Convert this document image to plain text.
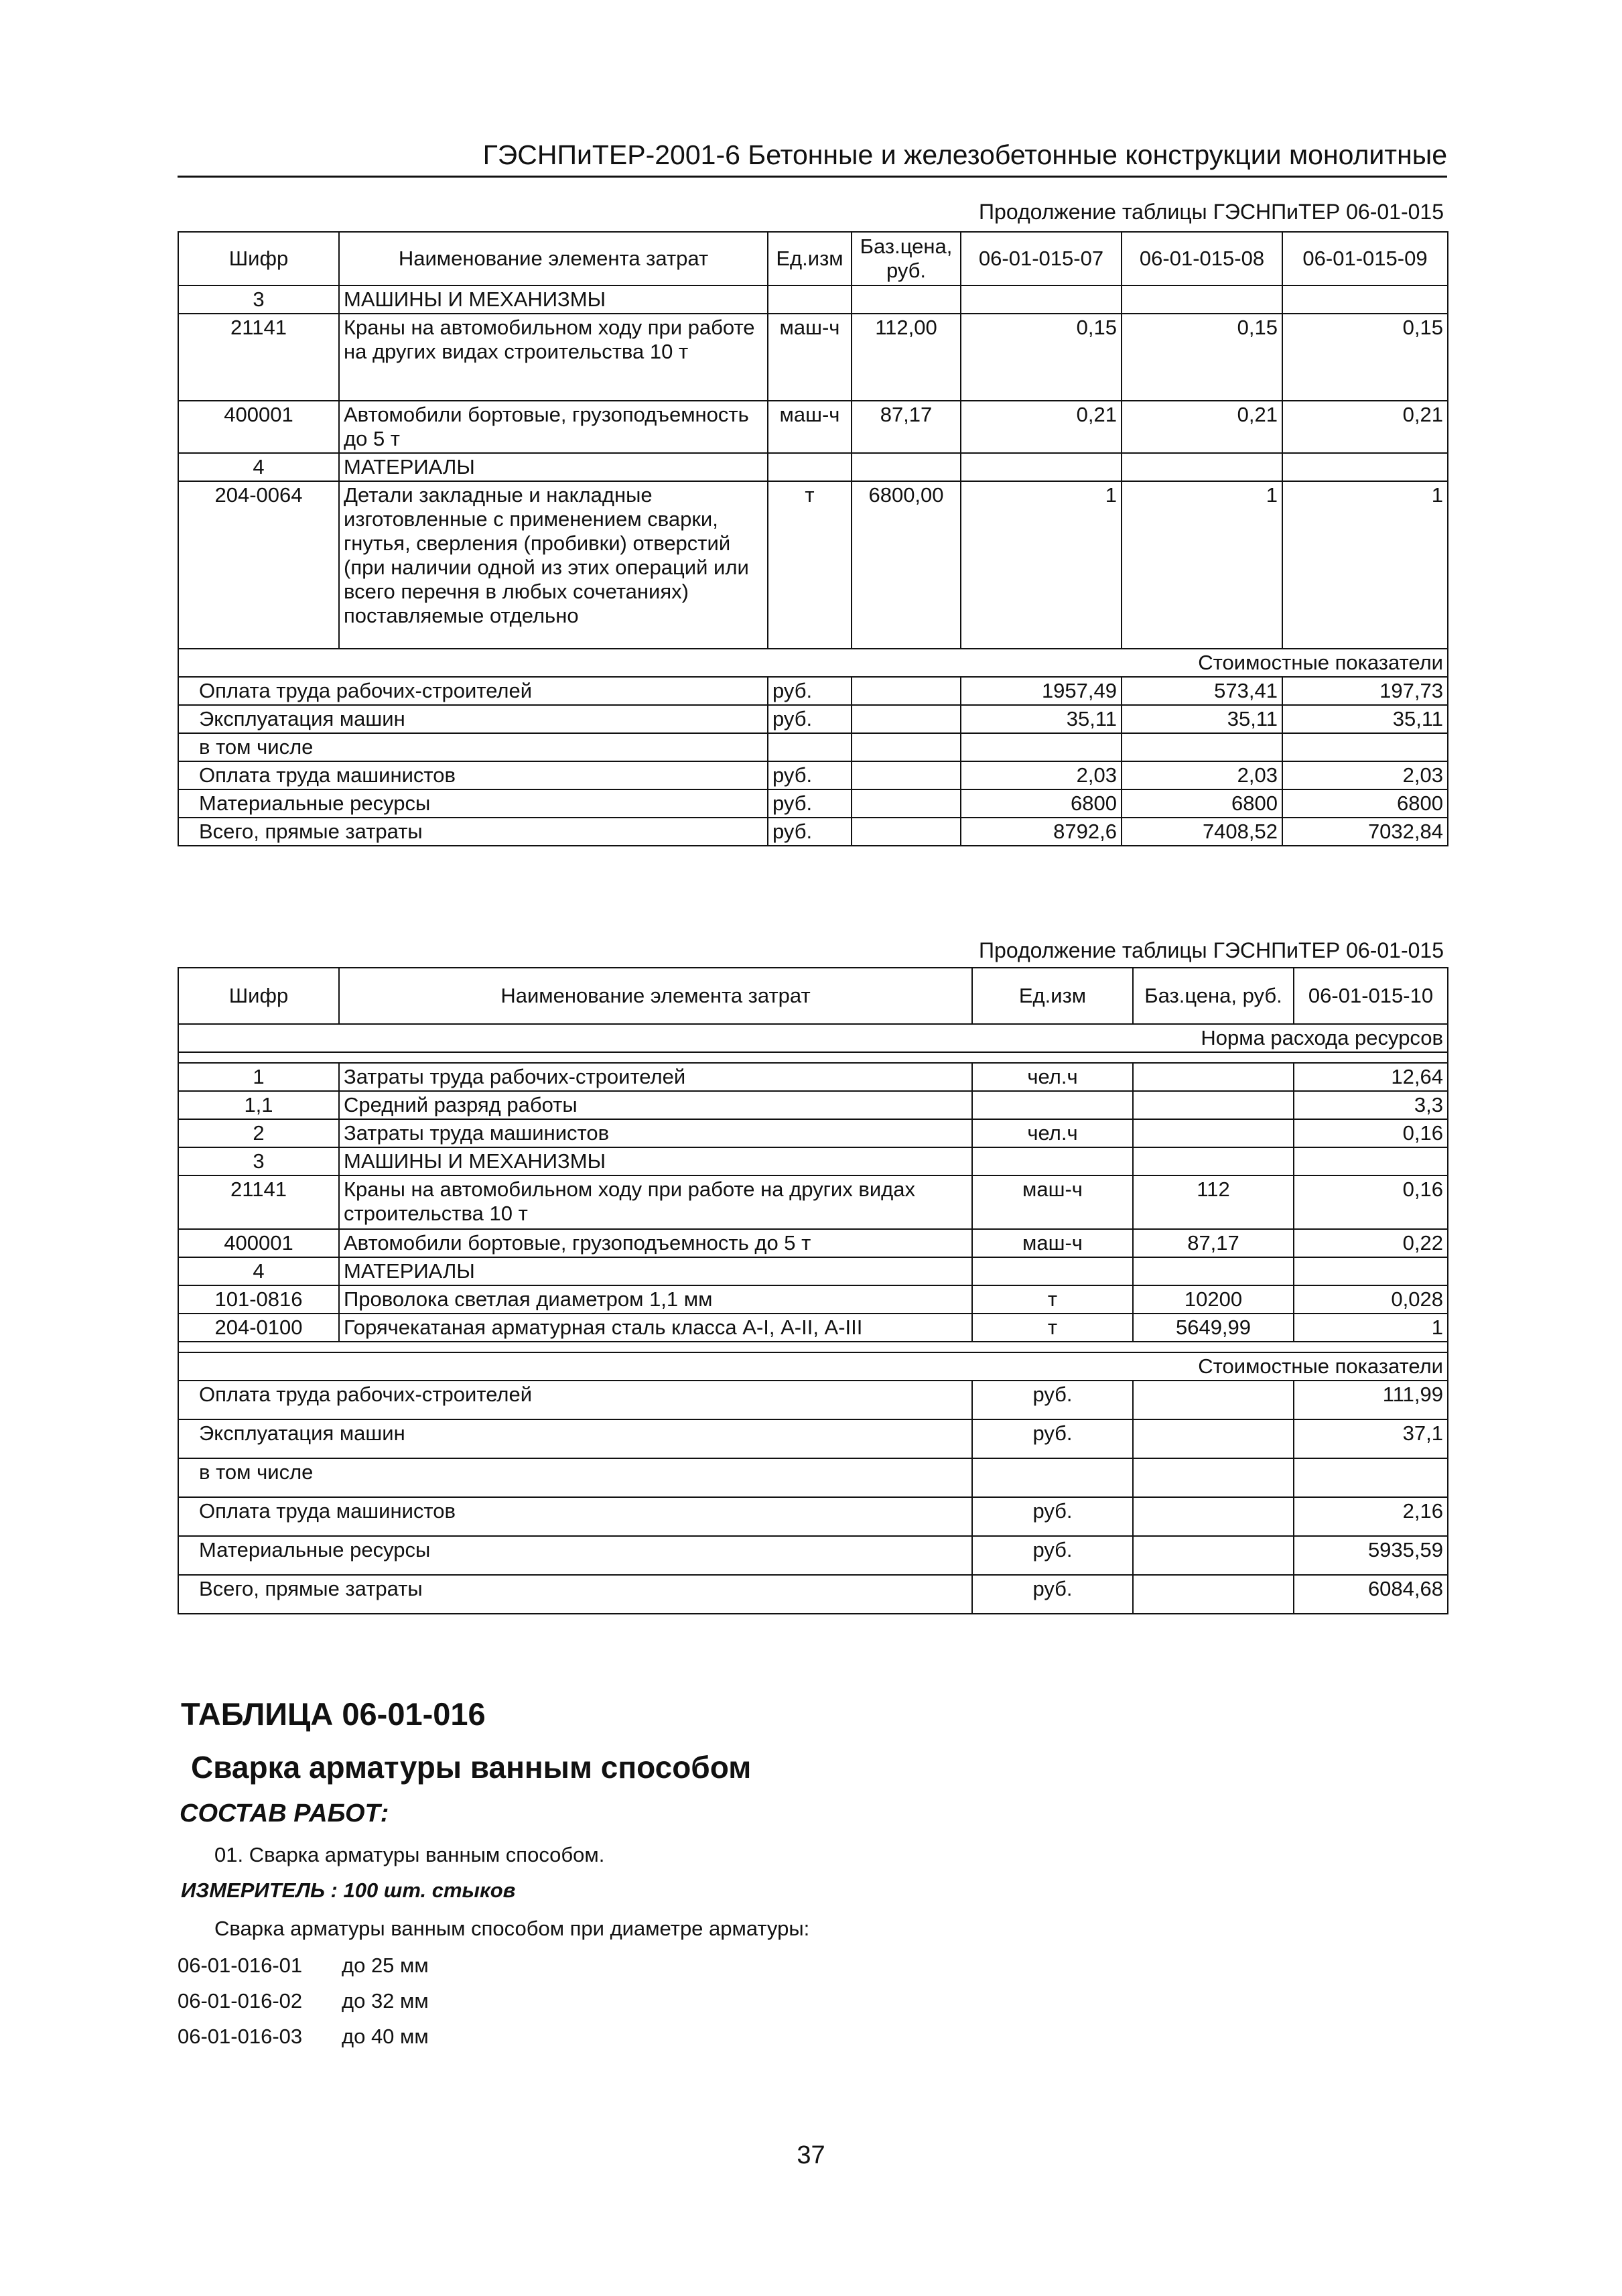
ГЭСНПиТЕР-2001-6 Бетонные и железобетонные конструкции монолитные
Продолжение таблицы ГЭСНПиТЕР 06-01-015
Шифр	Наименование элемента затрат	Ед.изм	Баз.цена, руб.	06-01-015-07	06-01-015-08	06-01-015-09
3	МАШИНЫ И МЕХАНИЗМЫ					
21141	Краны на автомобильном ходу при работе на других видах строительства 10 т	маш-ч	112,00	0,15	0,15	0,15
400001	Автомобили бортовые, грузоподъемность до 5 т	маш-ч	87,17	0,21	0,21	0,21
4	МАТЕРИАЛЫ					
204-0064	Детали закладные и накладные изготовленные с применением сварки, гнутья, сверления (пробивки) отверстий (при наличии одной из этих операций или всего перечня в любых сочетаниях) поставляемые отдельно	т	6800,00	1	1	1
Стоимостные показатели						
Оплата труда рабочих-строителей		руб.		1957,49	573,41	197,73
Эксплуатация машин		руб.		35,11	35,11	35,11
в том числе						
Оплата труда машинистов		руб.		2,03	2,03	2,03
Материальные ресурсы		руб.		6800	6800	6800
Всего, прямые затраты		руб.		8792,6	7408,52	7032,84
Продолжение таблицы ГЭСНПиТЕР 06-01-015
Шифр	Наименование элемента затрат	Ед.изм	Баз.цена, руб.	06-01-015-10
Норма расхода ресурсов				

1	Затраты труда рабочих-строителей	чел.ч		12,64
1,1	Средний разряд работы			3,3
2	Затраты труда машинистов	чел.ч		0,16
3	МАШИНЫ И МЕХАНИЗМЫ			
21141	Краны на автомобильном ходу при работе на других видах строительства 10 т	маш-ч	112	0,16
400001	Автомобили бортовые, грузоподъемность до 5 т	маш-ч	87,17	0,22
4	МАТЕРИАЛЫ			
101-0816	Проволока светлая диаметром 1,1 мм	т	10200	0,028
204-0100	Горячекатаная арматурная сталь класса А-I, А-II, А-III	т	5649,99	1

Стоимостные показатели				
Оплата труда рабочих-строителей		руб.		111,99
Эксплуатация машин		руб.		37,1
в том числе				
Оплата труда машинистов		руб.		2,16
Материальные ресурсы		руб.		5935,59
Всего, прямые затраты		руб.		6084,68
ТАБЛИЦА 06-01-016
Сварка арматуры ванным способом
СОСТАВ РАБОТ:
01. Сварка арматуры ванным способом.
ИЗМЕРИТЕЛЬ : 100 шт. стыков
Сварка арматуры ванным способом при диаметре арматуры:
06-01-016-01 до 25 мм
06-01-016-02 до 32 мм
06-01-016-03 до 40 мм
37
